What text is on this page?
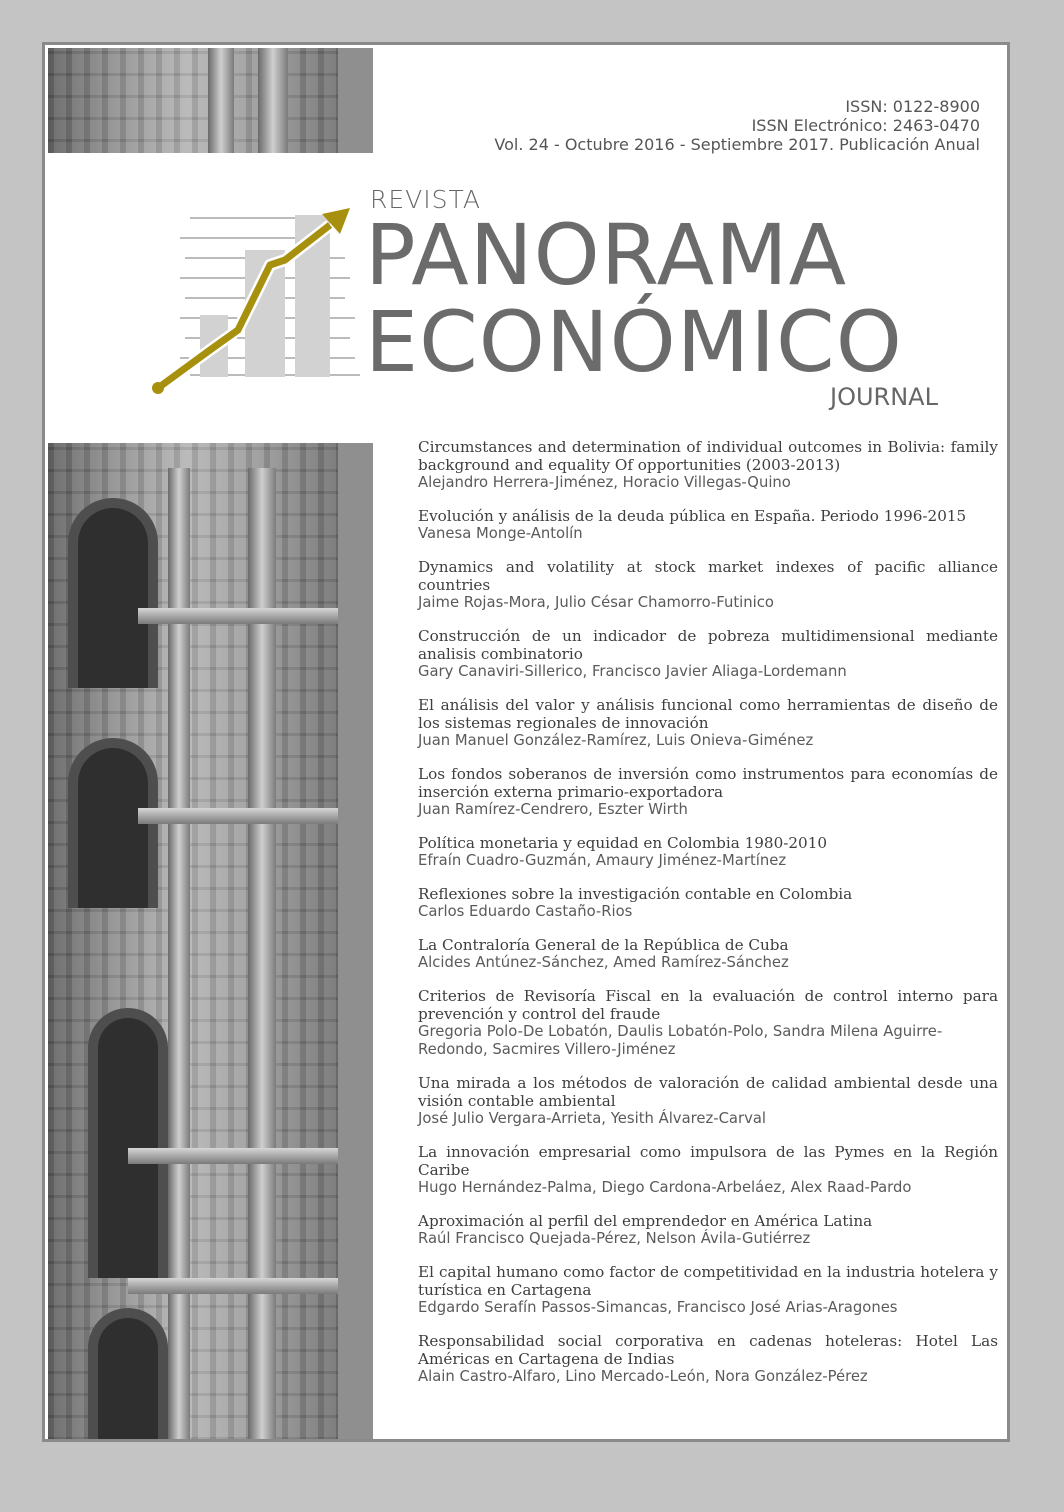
ISSN: 0122-8900
ISSN Electrónico: 2463-0470
Vol. 24 - Octubre 2016 - Septiembre 2017. Publicación Anual
REVISTA
PANORAMA
ECONÓMICO
JOURNAL
Circumstances and determination of individual outcomes in Bolivia: family background and equality Of opportunities (2003-2013)
Alejandro Herrera-Jiménez, Horacio Villegas-Quino
Evolución y análisis de la deuda pública en España. Periodo 1996-2015
Vanesa Monge-Antolín
Dynamics and volatility at stock market indexes of pacific alliance countries
Jaime Rojas-Mora, Julio César Chamorro-Futinico
Construcción de un indicador de pobreza multidimensional mediante analisis combinatorio
Gary Canaviri-Sillerico, Francisco Javier Aliaga-Lordemann
El análisis del valor y análisis funcional como herramientas de diseño de los sistemas regionales de innovación
Juan Manuel González-Ramírez, Luis Onieva-Giménez
Los fondos soberanos de inversión como instrumentos para economías de inserción externa primario-exportadora
Juan Ramírez-Cendrero, Eszter Wirth
Política monetaria y equidad en Colombia 1980-2010
Efraín Cuadro-Guzmán, Amaury Jiménez-Martínez
Reflexiones sobre la investigación contable en Colombia
Carlos Eduardo Castaño-Rios
La Contraloría General de la República de Cuba
Alcides Antúnez-Sánchez, Amed Ramírez-Sánchez
Criterios de Revisoría Fiscal en la evaluación de control interno para prevención y control del fraude
Gregoria Polo-De Lobatón, Daulis Lobatón-Polo, Sandra Milena Aguirre-Redondo, Sacmires Villero-Jiménez
Una mirada a los métodos de valoración de calidad ambiental desde una visión contable ambiental
José Julio Vergara-Arrieta, Yesith Álvarez-Carval
La innovación empresarial como impulsora de las Pymes en la Región Caribe
Hugo Hernández-Palma, Diego Cardona-Arbeláez, Alex Raad-Pardo
Aproximación al perfil del emprendedor en América Latina
Raúl Francisco Quejada-Pérez, Nelson Ávila-Gutiérrez
El capital humano como factor de competitividad en la industria hotelera y turística en Cartagena
Edgardo Serafín Passos-Simancas, Francisco José Arias-Aragones
Responsabilidad social corporativa en cadenas hoteleras: Hotel Las Américas en Cartagena de Indias
Alain Castro-Alfaro, Lino Mercado-León, Nora González-Pérez
